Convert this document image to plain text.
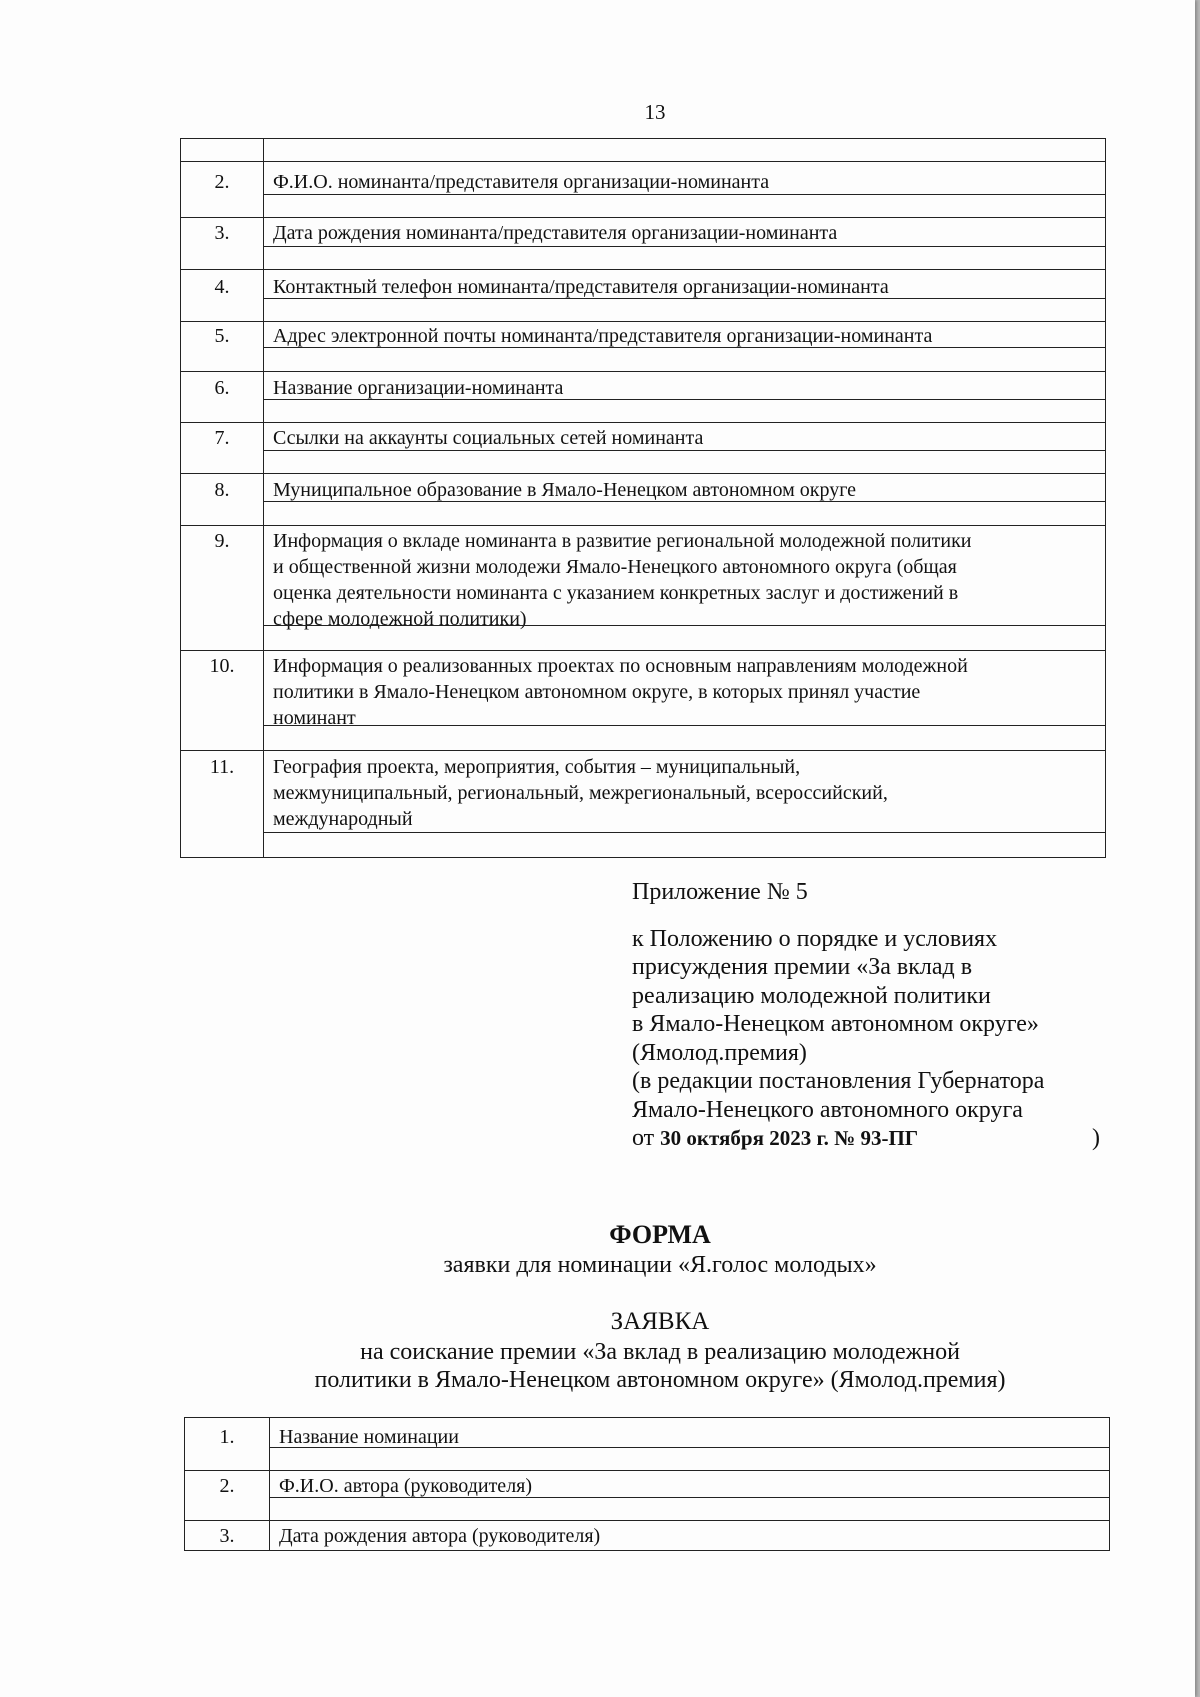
13
2.	Ф.И.О. номинанта/представителя организации-номинанта
3.	Дата рождения номинанта/представителя организации-номинанта
4.	Контактный телефон номинанта/представителя организации-номинанта
5.	Адрес электронной почты номинанта/представителя организации-номинанта
6.	Название организации-номинанта
7.	Ссылки на аккаунты социальных сетей номинанта
8.	Муниципальное образование в Ямало-Ненецком автономном округе
9.	Информация о вкладе номинанта в развитие региональной молодежной политики
и общественной жизни молодежи Ямало-Ненецкого автономного округа (общая
оценка деятельности номинанта с указанием конкретных заслуг и достижений в
сфере молодежной политики)
10.	Информация о реализованных проектах по основным направлениям молодежной
политики в Ямало-Ненецком автономном округе, в которых принял участие
номинант
11.	География проекта, мероприятия, события – муниципальный,
межмуниципальный, региональный, межрегиональный, всероссийский,
международный
Приложение № 5
к Положению о порядке и условиях
присуждения премии «За вклад в
реализацию молодежной политики
в Ямало-Ненецком автономном округе»
(Ямолод.премия)
(в редакции постановления Губернатора
Ямало-Ненецкого автономного округа
от 30 октября 2023 г. № 93-ПГ	)
ФОРМА
заявки для номинации «Я.голос молодых»
ЗАЯВКА
на соискание премии «За вклад в реализацию молодежной
политики в Ямало-Ненецком автономном округе» (Ямолод.премия)
1.	Название номинации
2.	Ф.И.О. автора (руководителя)
3.	Дата рождения автора (руководителя)
